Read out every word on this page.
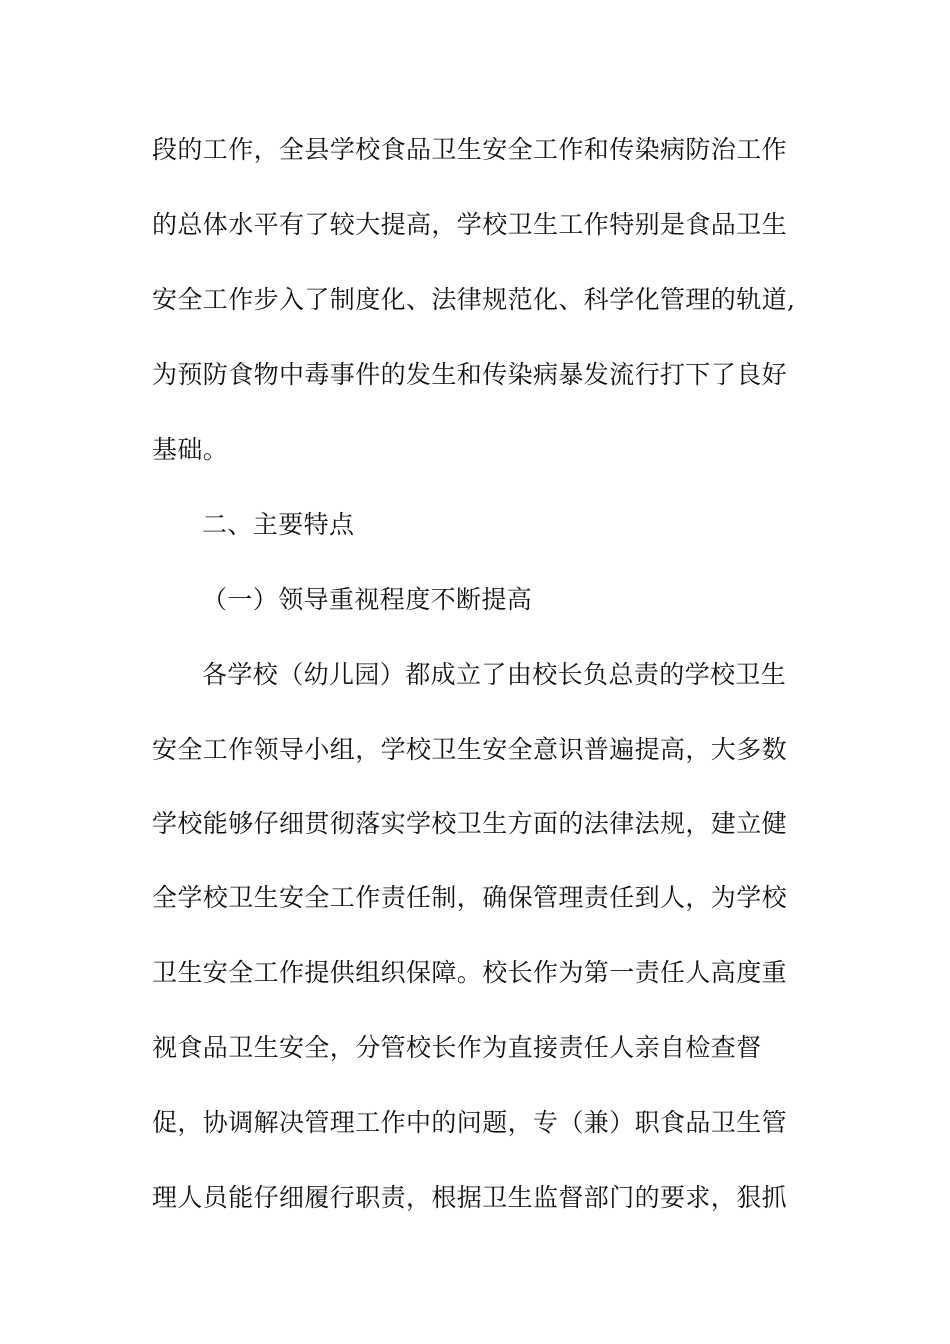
段的工作，全县学校食品卫生安全工作和传染病防治工作
的总体水平有了较大提高，学校卫生工作特别是食品卫生
安全工作步入了制度化、法律规范化、科学化管理的轨道,
为预防食物中毒事件的发生和传染病暴发流行打下了良好
基础。
二、主要特点
（一）领导重视程度不断提高
各学校（幼儿园）都成立了由校长负总责的学校卫生
安全工作领导小组，学校卫生安全意识普遍提高，大多数
学校能够仔细贯彻落实学校卫生方面的法律法规，建立健
全学校卫生安全工作责任制，确保管理责任到人，为学校
卫生安全工作提供组织保障。校长作为第一责任人高度重
视食品卫生安全，分管校长作为直接责任人亲自检查督
促，协调解决管理工作中的问题，专（兼）职食品卫生管
理人员能仔细履行职责，根据卫生监督部门的要求，狠抓
